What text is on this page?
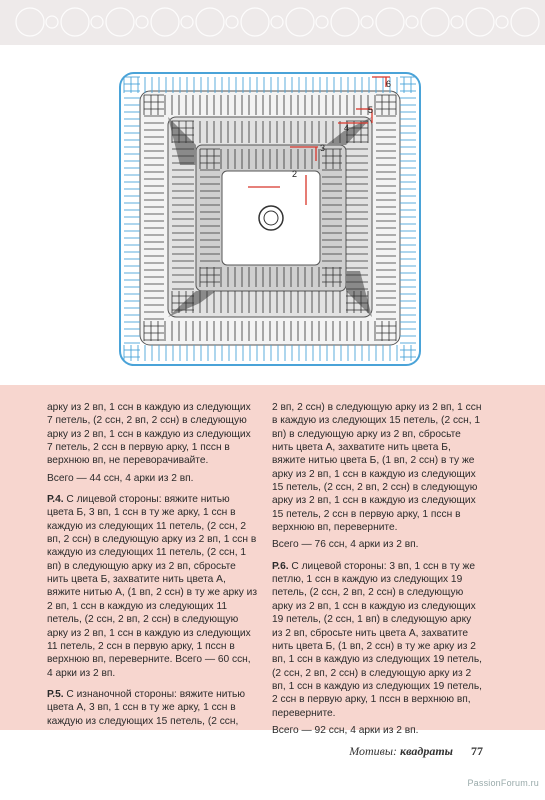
2
3
4
5
6

арку из 2 вп, 1 ссн в каждую из следующих 7 петель, (2 ссн, 2 вп, 2 ссн) в следующую арку из 2 вп, 1 ссн в каждую из следующих 7 петель, 2 ссн в первую арку, 1 пссн в верхнюю вп, не переворачивайте.

Всего — 44 ссн, 4 арки из 2 вп.

Р.4. С лицевой стороны: вяжите нитью цвета Б, 3 вп, 1 ссн в ту же арку, 1 ссн в каждую из следующих 11 петель, (2 ссн, 2 вп, 2 ссн) в следующую арку из 2 вп, 1 ссн в каждую из следующих 11 петель, (2 ссн, 1 вп) в следующую арку из 2 вп, сбросьте нить цвета Б, захватите нить цвета А, вяжите нитью А, (1 вп, 2 ссн) в ту же арку из 2 вп, 1 ссн в каждую из следующих 11 петель, (2 ссн, 2 вп, 2 ссн) в следующую арку из 2 вп, 1 ссн в каждую из следующих 11 петель, 2 ссн в первую арку, 1 пссн в верхнюю вп, переверните. Всего — 60 ссн, 4 арки из 2 вп.

Р.5. С изнаночной стороны: вяжите нитью цвета А, 3 вп, 1 ссн в ту же арку, 1 ссн в каждую из следующих 15 петель, (2 ссн,

2 вп, 2 ссн) в следующую арку из 2 вп, 1 ссн в каждую из следующих 15 петель, (2 ссн, 1 вп) в следующую арку из 2 вп, сбросьте нить цвета А, захватите нить цвета Б, вяжите нитью цвета Б, (1 вп, 2 ссн) в ту же арку из 2 вп, 1 ссн в каждую из следующих 15 петель, (2 ссн, 2 вп, 2 ссн) в следующую арку из 2 вп, 1 ссн в каждую из следующих 15 петель, 2 ссн в первую арку, 1 пссн в верхнюю вп, переверните.

Всего — 76 ссн, 4 арки из 2 вп.

Р.6. С лицевой стороны: 3 вп, 1 ссн в ту же петлю, 1 ссн в каждую из следующих 19 петель, (2 ссн, 2 вп, 2 ссн) в следующую арку из 2 вп, 1 ссн в каждую из следующих 19 петель, (2 ссн, 1 вп) в следующую арку из 2 вп, сбросьте нить цвета А, захватите нить цвета Б, (1 вп, 2 ссн) в ту же арку из 2 вп, 1 ссн в каждую из следующих 19 петель, (2 ссн, 2 вп, 2 ссн) в следующую арку из 2 вп, 1 ссн в каждую из следующих 19 петель, 2 ссн в первую арку, 1 пссн в верхнюю вп, переверните.

Всего — 92 ссн, 4 арки из 2 вп.

Мотивы: квадраты 77
PassionForum.ru
